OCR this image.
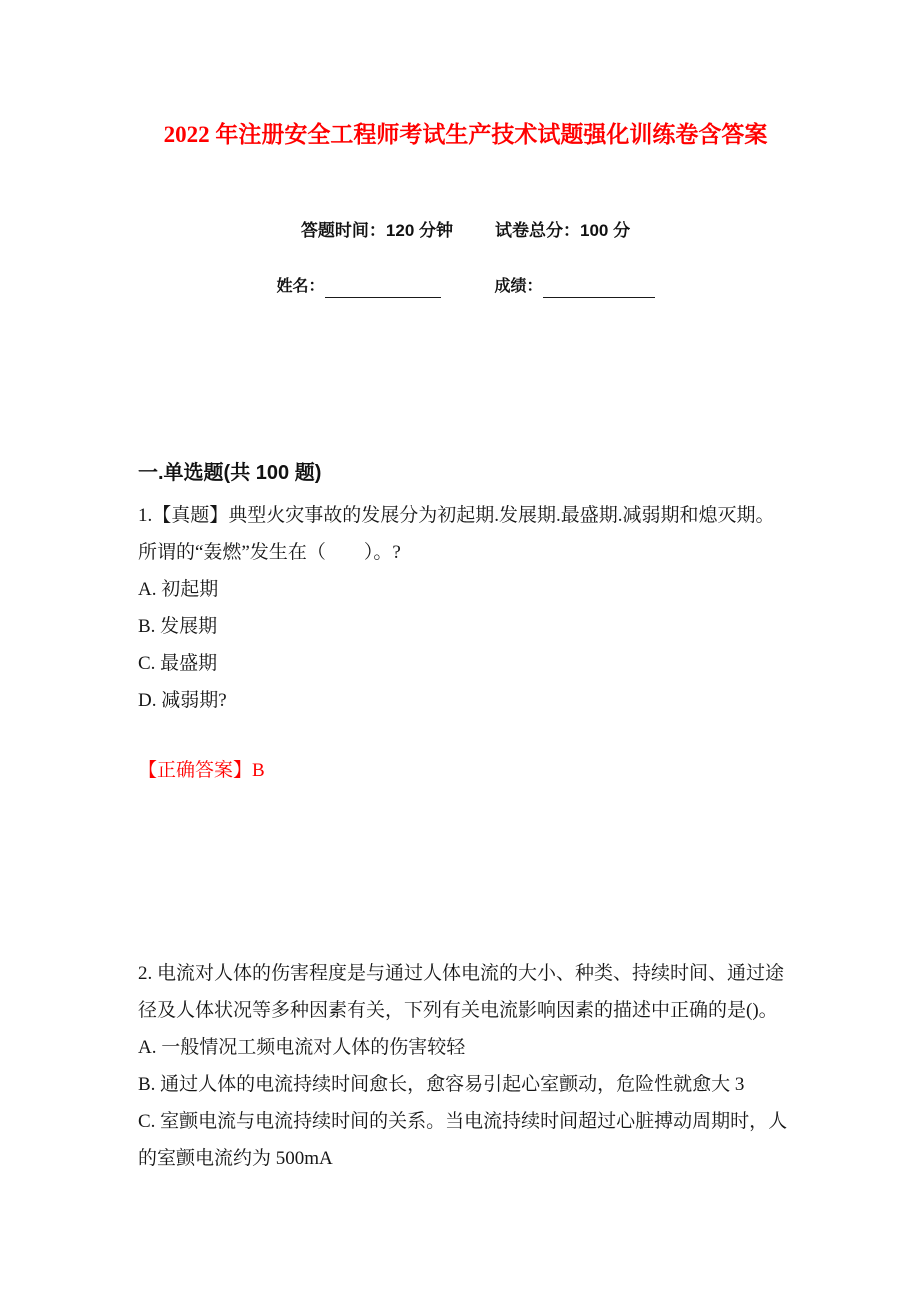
2022 年注册安全工程师考试生产技术试题强化训练卷含答案
答题时间：120 分钟 试卷总分：100 分
姓名：	成绩：
一.单选题(共 100 题)

1.【真题】典型火灾事故的发展分为初起期.发展期.最盛期.减弱期和熄灭期。所谓的“轰燃”发生在（　　）。?

A. 初起期

B. 发展期

C. 最盛期

D. 减弱期?

【正确答案】B

2. 电流对人体的伤害程度是与通过人体电流的大小、种类、持续时间、通过途径及人体状况等多种因素有关，下列有关电流影响因素的描述中正确的是()。

A. 一般情况工频电流对人体的伤害较轻

B. 通过人体的电流持续时间愈长，愈容易引起心室颤动，危险性就愈大 3

C. 室颤电流与电流持续时间的关系。当电流持续时间超过心脏搏动周期时，人的室颤电流约为 500mA
